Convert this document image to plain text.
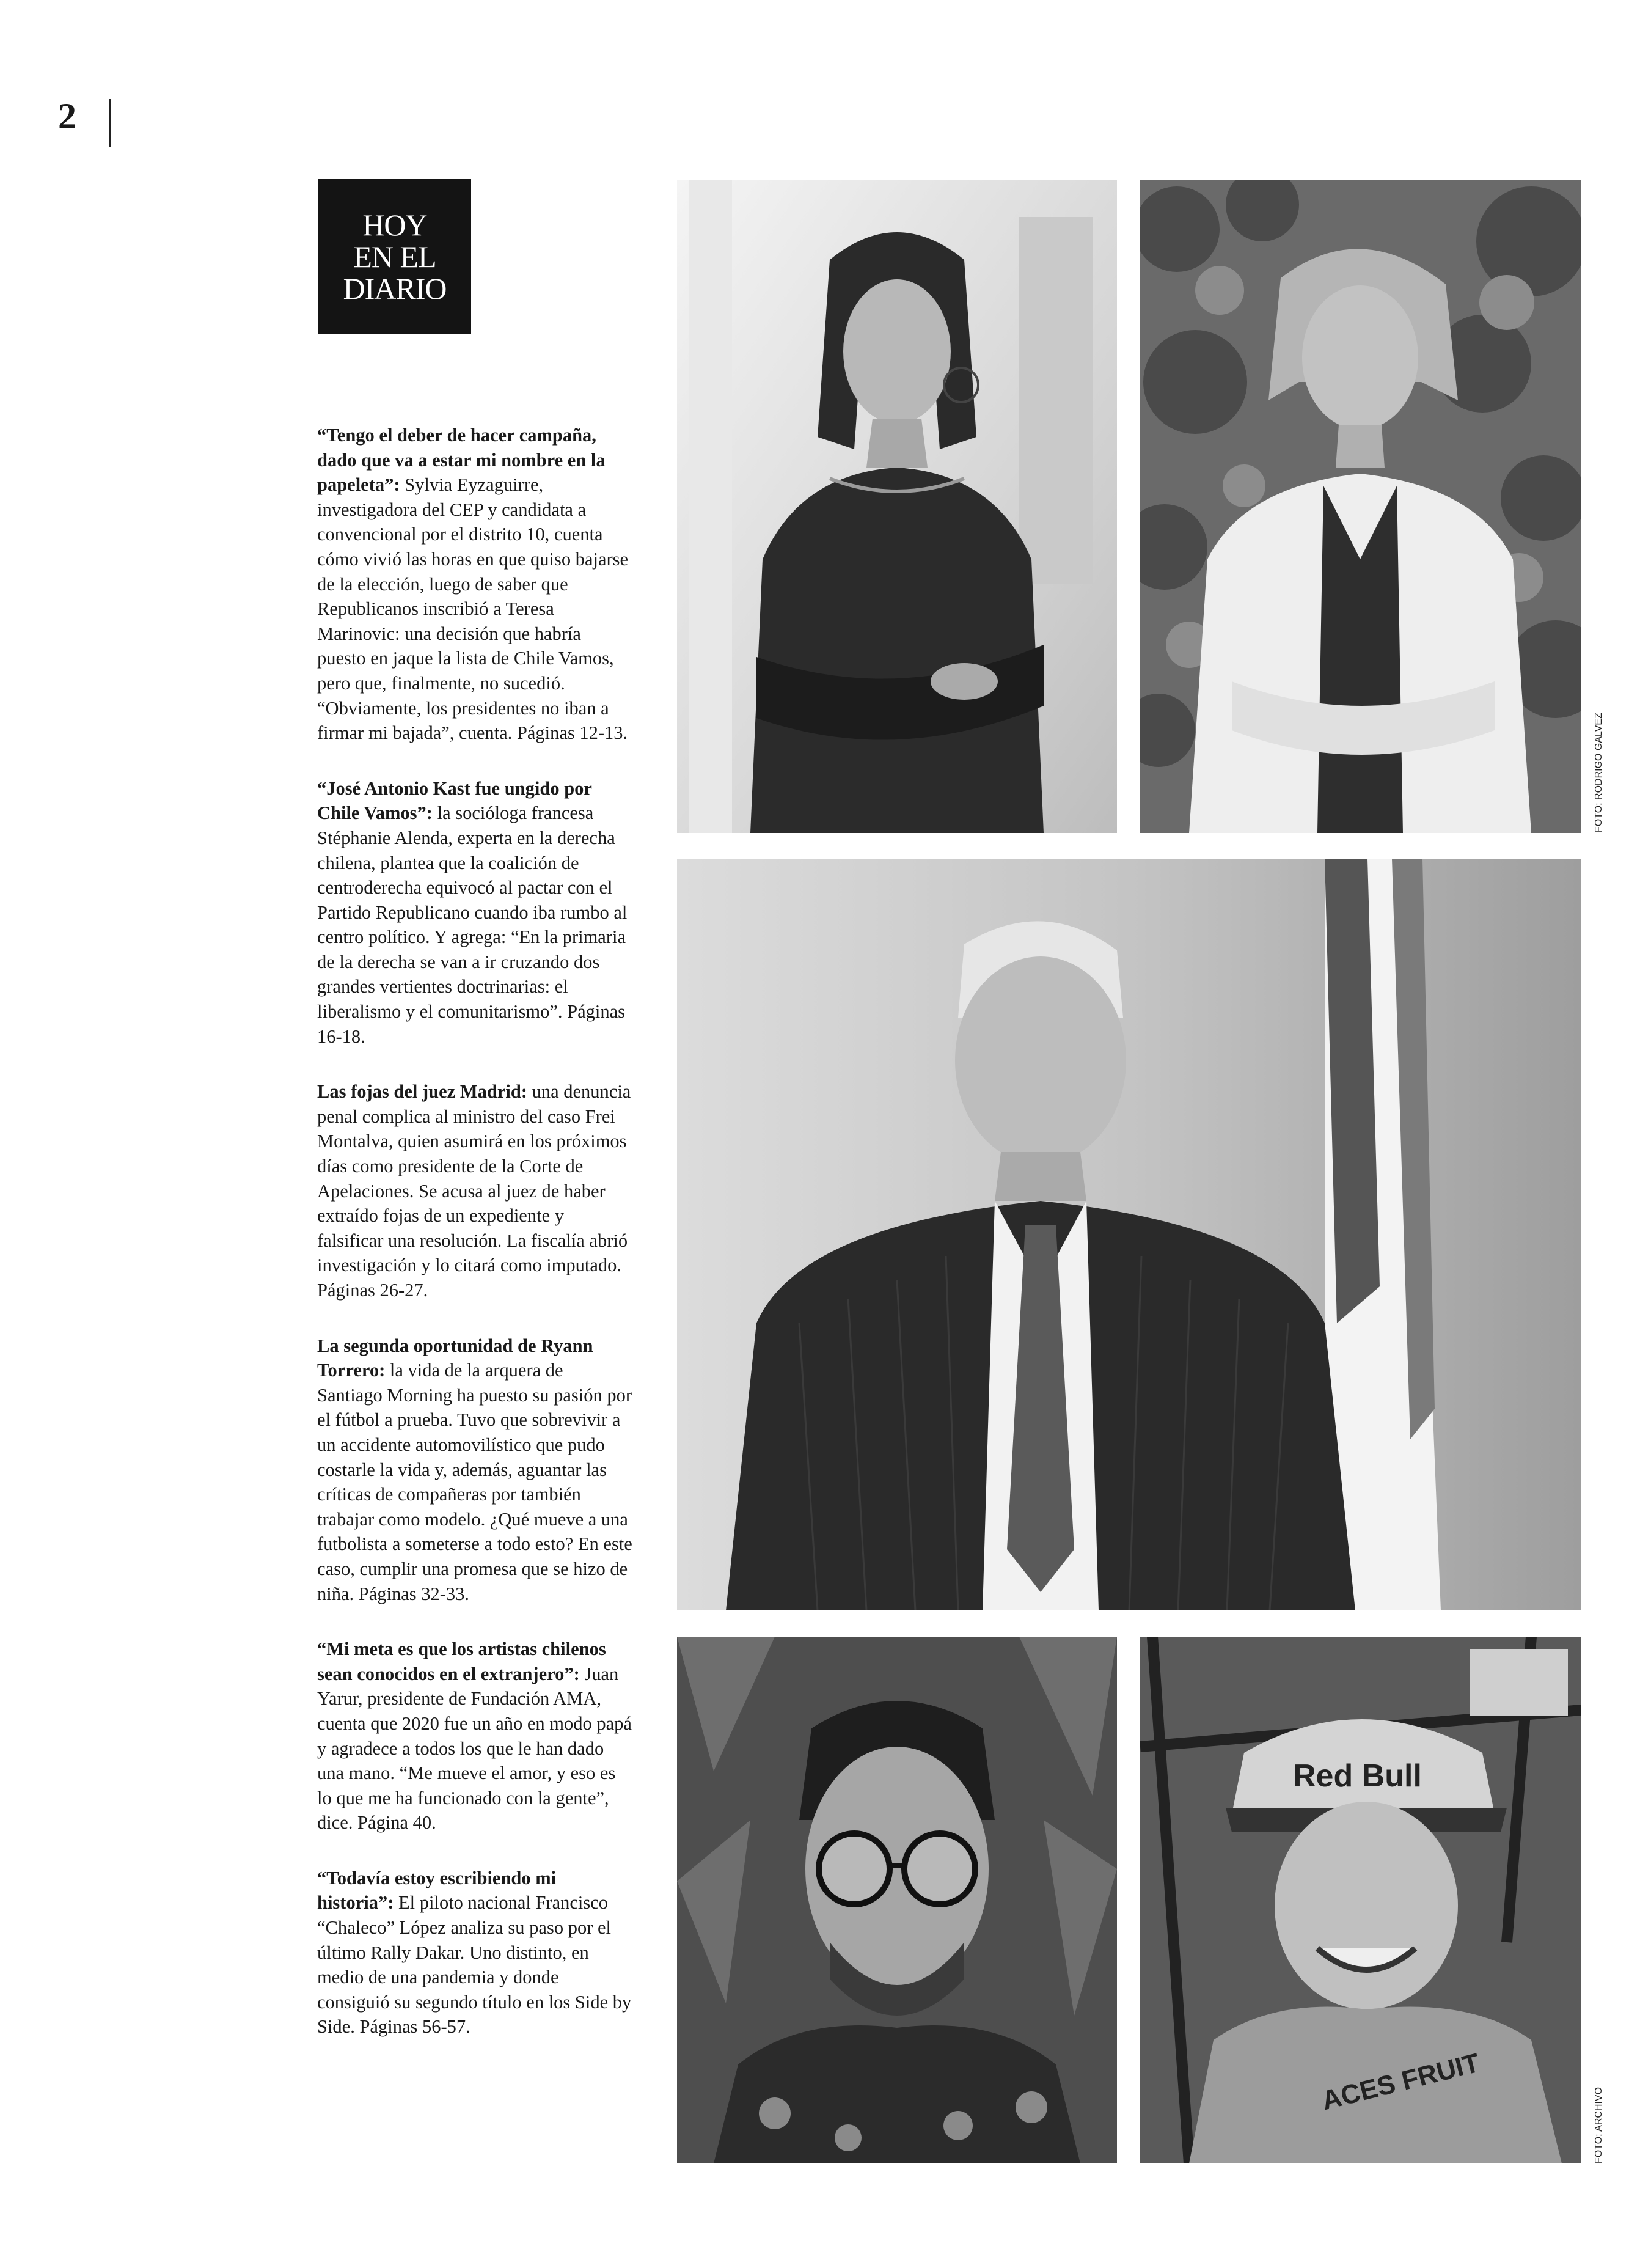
2
HOY
EN EL
DIARIO

“Tengo el deber de hacer campaña, dado que va a estar mi nombre en la papeleta”: Sylvia Eyzaguirre, investigadora del CEP y candidata a convencional por el distrito 10, cuenta cómo vivió las horas en que quiso bajarse de la elección, luego de saber que Republicanos inscribió a Teresa Marinovic: una decisión que habría puesto en jaque la lista de Chile Vamos, pero que, finalmente, no sucedió. “Obviamente, los presidentes no iban a firmar mi bajada”, cuenta. Páginas 12-13.

“José Antonio Kast fue ungido por Chile Vamos”: la socióloga francesa Stéphanie Alenda, experta en la derecha chilena, plantea que la coalición de centroderecha equivocó al pactar con el Partido Republicano cuando iba rumbo al centro político. Y agrega: “En la primaria de la derecha se van a ir cruzando dos grandes vertientes doctrinarias: el liberalismo y el comunitarismo”. Páginas 16-18.

Las fojas del juez Madrid: una denuncia penal complica al ministro del caso Frei Montalva, quien asumirá en los próximos días como presidente de la Corte de Apelaciones. Se acusa al juez de haber extraído fojas de un expediente y falsificar una resolución. La fiscalía abrió investigación y lo citará como imputado. Páginas 26-27.

La segunda oportunidad de Ryann Torrero: la vida de la arquera de Santiago Morning ha puesto su pasión por el fútbol a prueba. Tuvo que sobrevivir a un accidente automovilístico que pudo costarle la vida y, además, aguantar las críticas de compañeras por también trabajar como modelo. ¿Qué mueve a una futbolista a someterse a todo esto? En este caso, cumplir una promesa que se hizo de niña. Páginas 32-33.

“Mi meta es que los artistas chilenos sean conocidos en el extranjero”: Juan Yarur, presidente de Fundación AMA, cuenta que 2020 fue un año en modo papá y agradece a todos los que le han dado una mano. “Me mueve el amor, y eso es lo que me ha funcionado con la gente”, dice. Página 40.

“Todavía estoy escribiendo mi historia”: El piloto nacional Francisco “Chaleco” López analiza su paso por el último Rally Dakar. Uno distinto, en medio de una pandemia y donde consiguió su segundo título en los Side by Side. Páginas 56-57.

FOTO: RODRIGO GALVEZ
Red Bull
ACES FRUIT
FOTO: ARCHIVO
